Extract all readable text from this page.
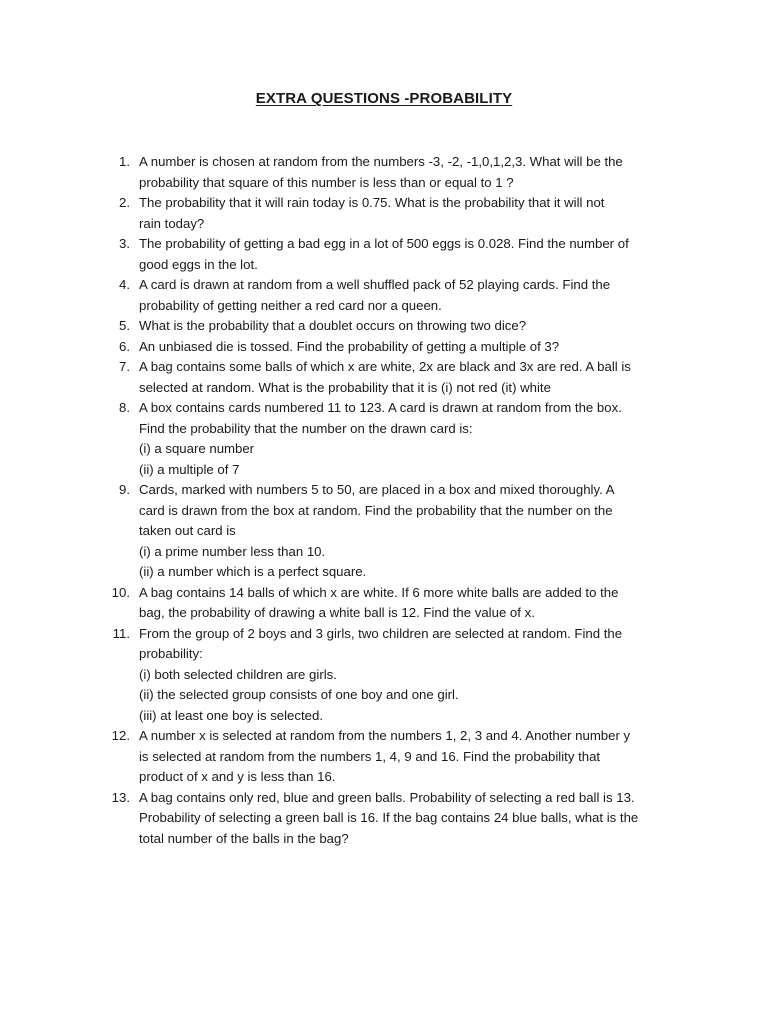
EXTRA QUESTIONS -PROBABILITY
1. A number is chosen at random from the numbers -3, -2, -1,0,1,2,3. What will be the
probability that square of this number is less than or equal to 1 ?
2. The probability that it will rain today is 0.75. What is the probability that it will not
rain today?
3. The probability of getting a bad egg in a lot of 500 eggs is 0.028. Find the number of
good eggs in the lot.
4. A card is drawn at random from a well shuffled pack of 52 playing cards. Find the
probability of getting neither a red card nor a queen.
5. What is the probability that a doublet occurs on throwing two dice?
6. An unbiased die is tossed. Find the probability of getting a multiple of 3?
7. A bag contains some balls of which x are white, 2x are black and 3x are red. A ball is
selected at random. What is the probability that it is (i) not red (it) white
8. A box contains cards numbered 11 to 123. A card is drawn at random from the box.
Find the probability that the number on the drawn card is:
(i) a square number
(ii) a multiple of 7
9. Cards, marked with numbers 5 to 50, are placed in a box and mixed thoroughly. A
card is drawn from the box at random. Find the probability that the number on the
taken out card is
(i) a prime number less than 10.
(ii) a number which is a perfect square.
10. A bag contains 14 balls of which x are white. If 6 more white balls are added to the
bag, the probability of drawing a white ball is 12. Find the value of x.
11. From the group of 2 boys and 3 girls, two children are selected at random. Find the
probability:
(i) both selected children are girls.
(ii) the selected group consists of one boy and one girl.
(iii) at least one boy is selected.
12. A number x is selected at random from the numbers 1, 2, 3 and 4. Another number y
is selected at random from the numbers 1, 4, 9 and 16. Find the probability that
product of x and y is less than 16.
13. A bag contains only red, blue and green balls. Probability of selecting a red ball is 13.
Probability of selecting a green ball is 16. If the bag contains 24 blue balls, what is the
total number of the balls in the bag?
